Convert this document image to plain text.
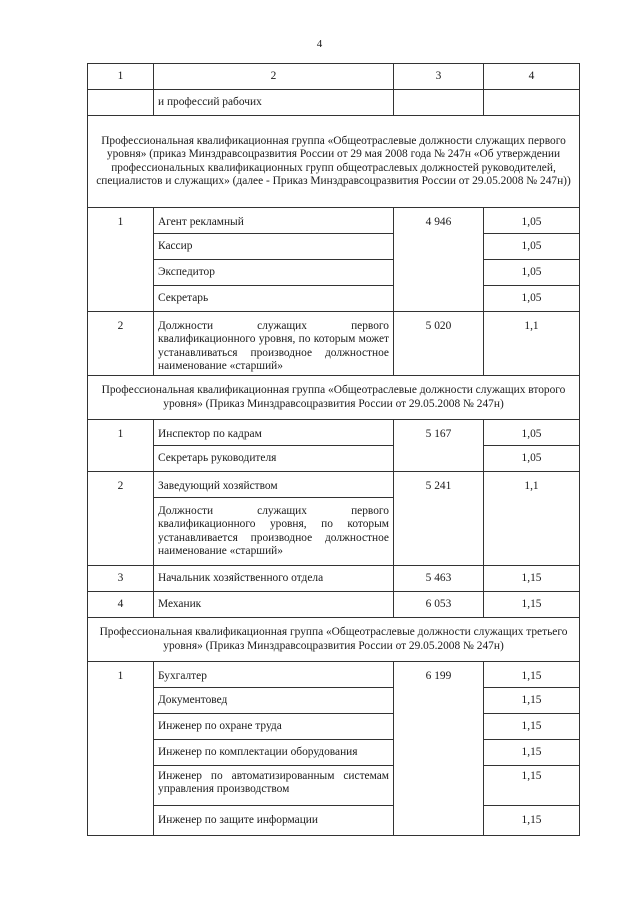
4
1	2	3	4
	и профессий рабочих		
Профессиональная квалификационная группа «Общеотраслевые должности служащих первого уровня» (приказ Минздравсоцразвития России от 29 мая 2008 года № 247н «Об утверждении профессиональных квалификационных групп общеотраслевых должностей руководителей, специалистов и служащих» (далее - Приказ Минздравсоцразвития России от 29.05.2008 № 247н))			
1	Агент рекламный	4 946	1,05
	Кассир		1,05
	Экспедитор		1,05
	Секретарь		1,05
2	Должности служащих первого квалификационного уровня, по которым может устанавливаться производное должностное наименование «старший»	5 020	1,1
Профессиональная квалификационная группа «Общеотраслевые должности служащих второго уровня» (Приказ Минздравсоцразвития России от 29.05.2008 № 247н)			
1	Инспектор по кадрам	5 167	1,05
	Секретарь руководителя		1,05
2	Заведующий хозяйством	5 241	1,1
	Должности служащих первого квалификационного уровня, по которым устанавливается производное должностное наименование «старший»		
3	Начальник хозяйственного отдела	5 463	1,15
4	Механик	6 053	1,15
Профессиональная квалификационная группа «Общеотраслевые должности служащих третьего уровня» (Приказ Минздравсоцразвития России от 29.05.2008 № 247н)			
1	Бухгалтер	6 199	1,15
	Документовед		1,15
	Инженер по охране труда		1,15
	Инженер по комплектации оборудования		1,15
	Инженер по автоматизированным системам управления производством		1,15
	Инженер по защите информации		1,15
